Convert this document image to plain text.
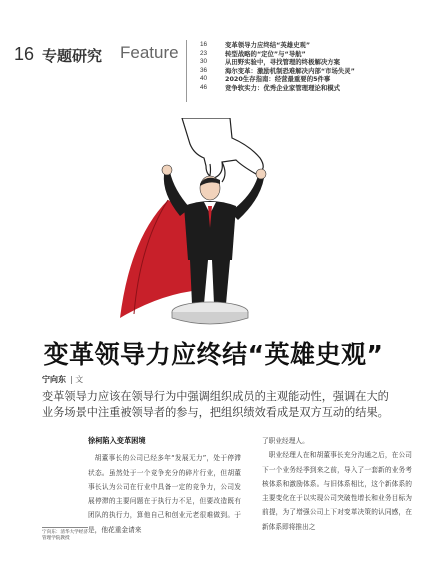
16 专题研究 Feature	16	变革领导力应终结“英雄史观”
23	转型战略的“定位”与“导航”
30	从田野实验中，寻找管理的终极解决方案
36	海尔变革：激励机制恐难解决内部“市场失灵”
40	2020生存指南：经营最重要的5件事
46	竞争软实力：优秀企业家管理理论和模式
变革领导力应终结“英雄史观”
宁向东 | 文
变革领导力应该在领导行为中强调组织成员的主观能动性，强调在大的业务场景中注重被领导者的参与，把组织绩效看成是双方互动的结果。
徐柯陷入变革困境

胡董事长的公司已经多年“发展无力”，处于停滞状态。虽然处于一个竞争充分的碎片行业，但胡董事长认为公司在行业中具备一定的竞争力，公司发展停滞的主要问题在于执行力不足，但要改造既有团队的执行力，算他自己和创业元老很难做到。于是，他花重金请来

了职业经理人。

职业经理人在和胡董事长充分沟通之后，在公司下一个业务经季到来之前，导入了一套新的业务考核体系和激励体系。与旧体系相比，这个新体系的主要变化在于以实现公司突破性增长和业务目标为前提，为了增强公司上下对变革决策的认同感，在新体系即将推出之

宁向东：清华大学经济管理学院教授
